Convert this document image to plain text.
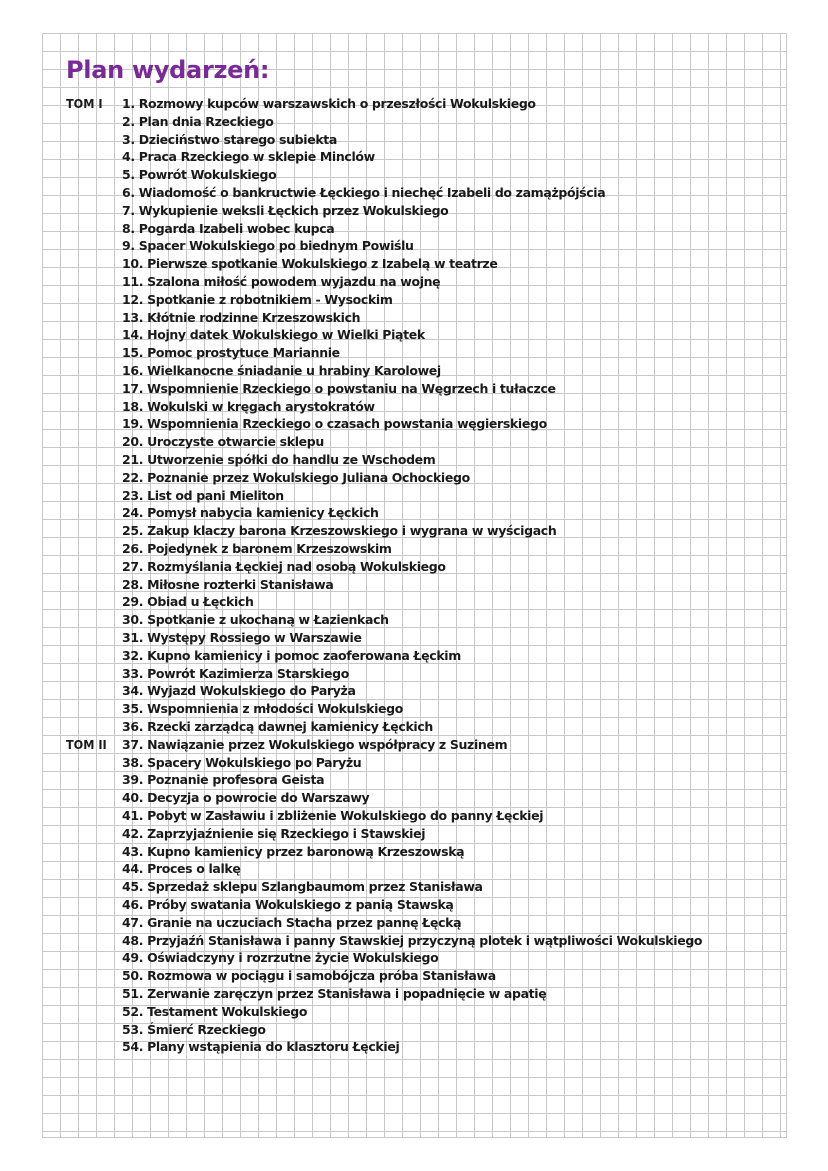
Plan wydarzeń:
TOM I 1. Rozmowy kupców warszawskich o przeszłości Wokulskiego
2. Plan dnia Rzeckiego
3. Dzieciństwo starego subiekta
4. Praca Rzeckiego w sklepie Minclów
5. Powrót Wokulskiego
6. Wiadomość o bankructwie Łęckiego i niechęć Izabeli do zamążpójścia
7. Wykupienie weksli Łęckich przez Wokulskiego
8. Pogarda Izabeli wobec kupca
9. Spacer Wokulskiego po biednym Powiślu
10. Pierwsze spotkanie Wokulskiego z Izabelą w teatrze
11. Szalona miłość powodem wyjazdu na wojnę
12. Spotkanie z robotnikiem - Wysockim
13. Kłótnie rodzinne Krzeszowskich
14. Hojny datek Wokulskiego w Wielki Piątek
15. Pomoc prostytuce Mariannie
16. Wielkanocne śniadanie u hrabiny Karolowej
17. Wspomnienie Rzeckiego o powstaniu na Węgrzech i tułaczce
18. Wokulski w kręgach arystokratów
19. Wspomnienia Rzeckiego o czasach powstania węgierskiego
20. Uroczyste otwarcie sklepu
21. Utworzenie spółki do handlu ze Wschodem
22. Poznanie przez Wokulskiego Juliana Ochockiego
23. List od pani Mieliton
24. Pomysł nabycia kamienicy Łęckich
25. Zakup klaczy barona Krzeszowskiego i wygrana w wyścigach
26. Pojedynek z baronem Krzeszowskim
27. Rozmyślania Łęckiej nad osobą Wokulskiego
28. Miłosne rozterki Stanisława
29. Obiad u Łęckich
30. Spotkanie z ukochaną w Łazienkach
31. Występy Rossiego w Warszawie
32. Kupno kamienicy i pomoc zaoferowana Łęckim
33. Powrót Kazimierza Starskiego
34. Wyjazd Wokulskiego do Paryża
35. Wspomnienia z młodości Wokulskiego
36. Rzecki zarządcą dawnej kamienicy Łęckich
TOM II 37. Nawiązanie przez Wokulskiego współpracy z Suzinem
38. Spacery Wokulskiego po Paryżu
39. Poznanie profesora Geista
40. Decyzja o powrocie do Warszawy
41. Pobyt w Zasławiu i zbliżenie Wokulskiego do panny Łęckiej
42. Zaprzyjaźnienie się Rzeckiego i Stawskiej
43. Kupno kamienicy przez baronową Krzeszowską
44. Proces o lalkę
45. Sprzedaż sklepu Szlangbaumom przez Stanisława
46. Próby swatania Wokulskiego z panią Stawską
47. Granie na uczuciach Stacha przez pannę Łęcką
48. Przyjaźń Stanisława i panny Stawskiej przyczyną plotek i wątpliwości Wokulskiego
49. Oświadczyny i rozrzutne życie Wokulskiego
50. Rozmowa w pociągu i samobójcza próba Stanisława
51. Zerwanie zaręczyn przez Stanisława i popadnięcie w apatię
52. Testament Wokulskiego
53. Śmierć Rzeckiego
54. Plany wstąpienia do klasztoru Łęckiej
